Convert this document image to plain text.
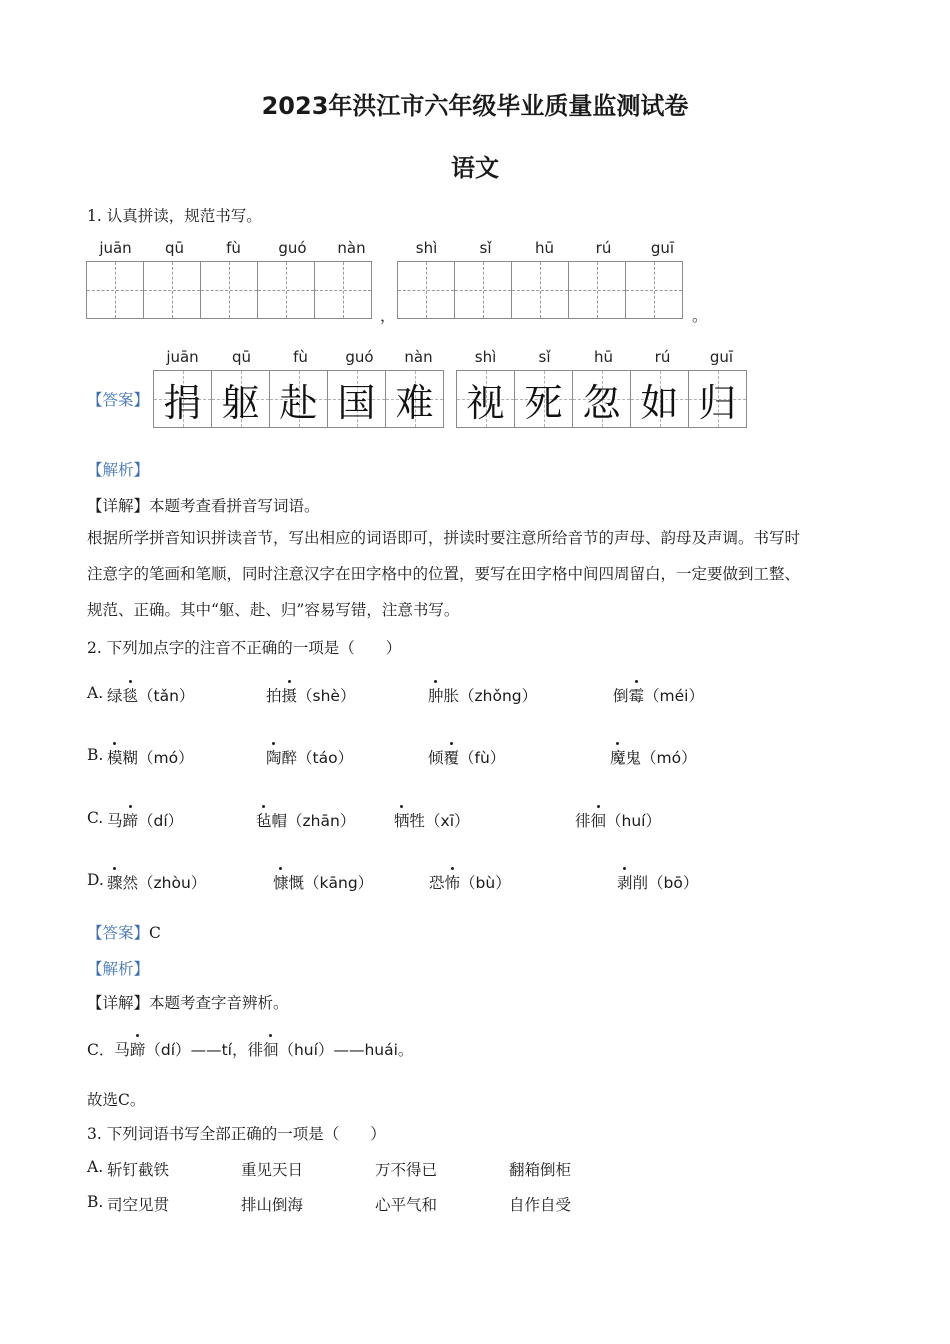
2023年洪江市六年级毕业质量监测试卷
语文
1. 认真拼读，规范书写。
juān	qū	fù	guó	nàn	shì	sǐ	hū	rú	guī
，	。
juān	qū	fù	guó	nàn	shì	sǐ	hū	rú	guī
【答案】 捐 躯 赴 国 难 视 死 忽 如 归
【解析】
【详解】本题考查看拼音写词语。
根据所学拼音知识拼读音节，写出相应的词语即可，拼读时要注意所给音节的声母、韵母及声调。书写时
注意字的笔画和笔顺，同时注意汉字在田字格中的位置，要写在田字格中间四周留白，一定要做到工整、
规范、正确。其中“躯、赴、归”容易写错，注意书写。
2. 下列加点字的注音不正确的一项是（　　）
A. 绿毯（tǎn）	拍摄（shè）	肿胀（zhǒng）	倒霉（méi）
B. 模糊（mó）	陶醉（táo）	倾覆（fù）	魔鬼（mó）
C. 马蹄（dí）	毡帽（zhān） 牺牲（xī）	徘徊（huí）
D. 骤然（zhòu）	慷慨（kāng）	恐怖（bù）	剥削（bō）
【答案】C
【解析】
【详解】本题考查字音辨析。
C．马蹄（dí）——tí，徘徊（huí）——huái。
故选C。
3. 下列词语书写全部正确的一项是（　　）
A. 斩钉截铁	重见天日	万不得已	翻箱倒柜
B. 司空见贯	排山倒海	心平气和	自作自受
